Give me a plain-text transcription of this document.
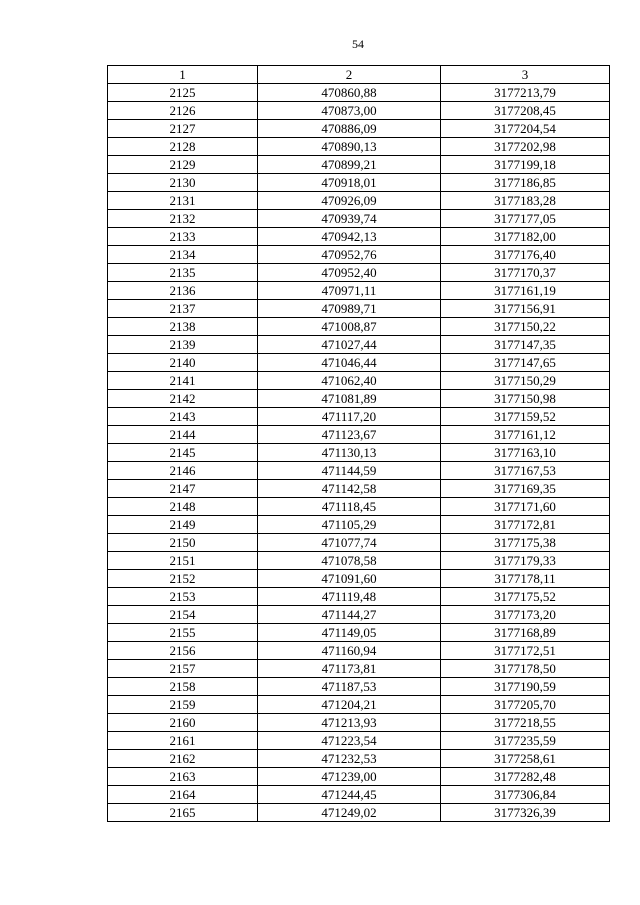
54
1	2	3
2125	470860,88	3177213,79
2126	470873,00	3177208,45
2127	470886,09	3177204,54
2128	470890,13	3177202,98
2129	470899,21	3177199,18
2130	470918,01	3177186,85
2131	470926,09	3177183,28
2132	470939,74	3177177,05
2133	470942,13	3177182,00
2134	470952,76	3177176,40
2135	470952,40	3177170,37
2136	470971,11	3177161,19
2137	470989,71	3177156,91
2138	471008,87	3177150,22
2139	471027,44	3177147,35
2140	471046,44	3177147,65
2141	471062,40	3177150,29
2142	471081,89	3177150,98
2143	471117,20	3177159,52
2144	471123,67	3177161,12
2145	471130,13	3177163,10
2146	471144,59	3177167,53
2147	471142,58	3177169,35
2148	471118,45	3177171,60
2149	471105,29	3177172,81
2150	471077,74	3177175,38
2151	471078,58	3177179,33
2152	471091,60	3177178,11
2153	471119,48	3177175,52
2154	471144,27	3177173,20
2155	471149,05	3177168,89
2156	471160,94	3177172,51
2157	471173,81	3177178,50
2158	471187,53	3177190,59
2159	471204,21	3177205,70
2160	471213,93	3177218,55
2161	471223,54	3177235,59
2162	471232,53	3177258,61
2163	471239,00	3177282,48
2164	471244,45	3177306,84
2165	471249,02	3177326,39
